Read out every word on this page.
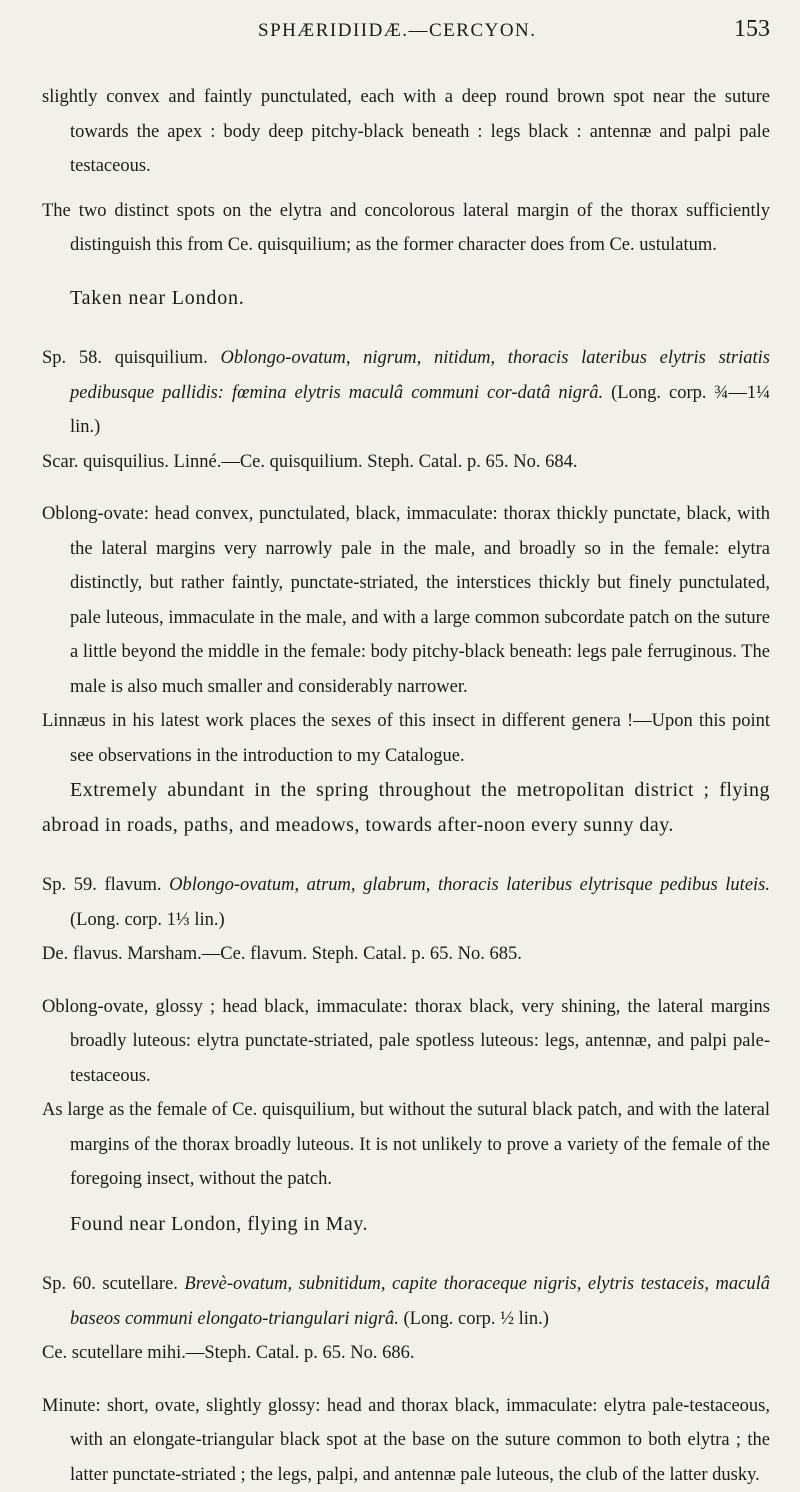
SPHÆRIDIIDÆ.—CERCYON.	153

slightly convex and faintly punctulated, each with a deep round brown spot near the suture towards the apex : body deep pitchy-black beneath : legs black : antennæ and palpi pale testaceous.

The two distinct spots on the elytra and concolorous lateral margin of the thorax sufficiently distinguish this from Ce. quisquilium; as the former character does from Ce. ustulatum.

Taken near London.

Sp. 58. quisquilium. Oblongo-ovatum, nigrum, nitidum, thoracis lateribus elytris striatis pedibusque pallidis: fœmina elytris maculâ communi cor-datâ nigrâ. (Long. corp. ¾—1¼ lin.)

Scar. quisquilius. Linné.—Ce. quisquilium. Steph. Catal. p. 65. No. 684.

Oblong-ovate: head convex, punctulated, black, immaculate: thorax thickly punctate, black, with the lateral margins very narrowly pale in the male, and broadly so in the female: elytra distinctly, but rather faintly, punctate-striated, the interstices thickly but finely punctulated, pale luteous, immaculate in the male, and with a large common subcordate patch on the suture a little beyond the middle in the female: body pitchy-black beneath: legs pale ferruginous. The male is also much smaller and considerably narrower.

Linnæus in his latest work places the sexes of this insect in different genera !—Upon this point see observations in the introduction to my Catalogue.

Extremely abundant in the spring throughout the metropolitan district ; flying abroad in roads, paths, and meadows, towards after-noon every sunny day.

Sp. 59. flavum. Oblongo-ovatum, atrum, glabrum, thoracis lateribus elytrisque pedibus luteis. (Long. corp. 1⅓ lin.)

De. flavus. Marsham.—Ce. flavum. Steph. Catal. p. 65. No. 685.

Oblong-ovate, glossy ; head black, immaculate: thorax black, very shining, the lateral margins broadly luteous: elytra punctate-striated, pale spotless luteous: legs, antennæ, and palpi pale-testaceous.

As large as the female of Ce. quisquilium, but without the sutural black patch, and with the lateral margins of the thorax broadly luteous. It is not unlikely to prove a variety of the female of the foregoing insect, without the patch.

Found near London, flying in May.

Sp. 60. scutellare. Brevè-ovatum, subnitidum, capite thoraceque nigris, elytris testaceis, maculâ baseos communi elongato-triangulari nigrâ. (Long. corp. ½ lin.)

Ce. scutellare mihi.—Steph. Catal. p. 65. No. 686.

Minute: short, ovate, slightly glossy: head and thorax black, immaculate: elytra pale-testaceous, with an elongate-triangular black spot at the base on the suture common to both elytra ; the latter punctate-striated ; the legs, palpi, and antennæ pale luteous, the club of the latter dusky.
